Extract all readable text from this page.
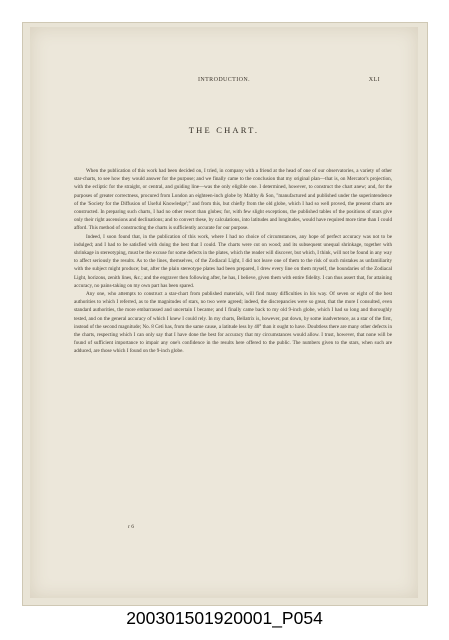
INTRODUCTION.	XLI
THE CHART.

When the publication of this work had been decided on, I tried, in company with a friend at the head of one of our observatories, a variety of other star-charts, to see how they would answer for the purpose; and we finally came to the conclusion that my original plan—that is, on Mercator's projection, with the ecliptic for the straight, or central, and guiding line—was the only eligible one. I determined, however, to construct the chart anew; and, for the purposes of greater correctness, procured from London an eighteen-inch globe by Malthy & Son, "manufactured and published under the superintendence of the 'Society for the Diffusion of Useful Knowledge';" and from this, but chiefly from the old globe, which I had so well proved, the present charts are constructed. In preparing such charts, I had no other resort than globes; for, with few slight exceptions, the published tables of the positions of stars give only their right ascensions and declinations; and to convert these, by calculations, into latitudes and longitudes, would have required more time than I could afford. This method of constructing the charts is sufficiently accurate for our purpose.

Indeed, I soon found that, in the publication of this work, where I had no choice of circumstances, any hope of perfect accuracy was not to be indulged; and I had to be satisfied with doing the best that I could. The charts were cut on wood; and its subsequent unequal shrinkage, together with shrinkage in stereotyping, must be the excuse for some defects in the plates, which the reader will discover, but which, I think, will not be found in any way to affect seriously the results. As to the lines, themselves, of the Zodiacal Light, I did not leave one of them to the risk of such mistakes as unfamiliarity with the subject might produce; but, after the plain stereotype plates had been prepared, I drew every line on them myself, the boundaries of the Zodiacal Light, horizons, zenith lines, &c.; and the engraver then following after, he has, I believe, given them with entire fidelity. I can thus assert that, for attaining accuracy, no pains-taking on my own part has been spared.

Any one, who attempts to construct a star-chart from published materials, will find many difficulties in his way. Of seven or eight of the best authorities to which I referred, as to the magnitudes of stars, no two were agreed; indeed, the discrepancies were so great, that the more I consulted, even standard authorities, the more embarrassed and uncertain I became; and I finally came back to my old 9-inch globe, which I had so long and thoroughly tested, and on the general accuracy of which I knew I could rely. In my charts, Bellatrix is, however, put down, by some inadvertence, as a star of the first, instead of the second magnitude; No. 8 Ceti has, from the same cause, a latitude less by 40° than it ought to have. Doubtless there are many other defects in the charts, respecting which I can only say that I have done the best for accuracy that my circumstances would allow. I trust, however, that none will be found of sufficient importance to impair any one's confidence in the results here offered to the public. The numbers given to the stars, when such are adduced, are those which I found on the 9-inch globe.

r 6
200301501920001_P054
